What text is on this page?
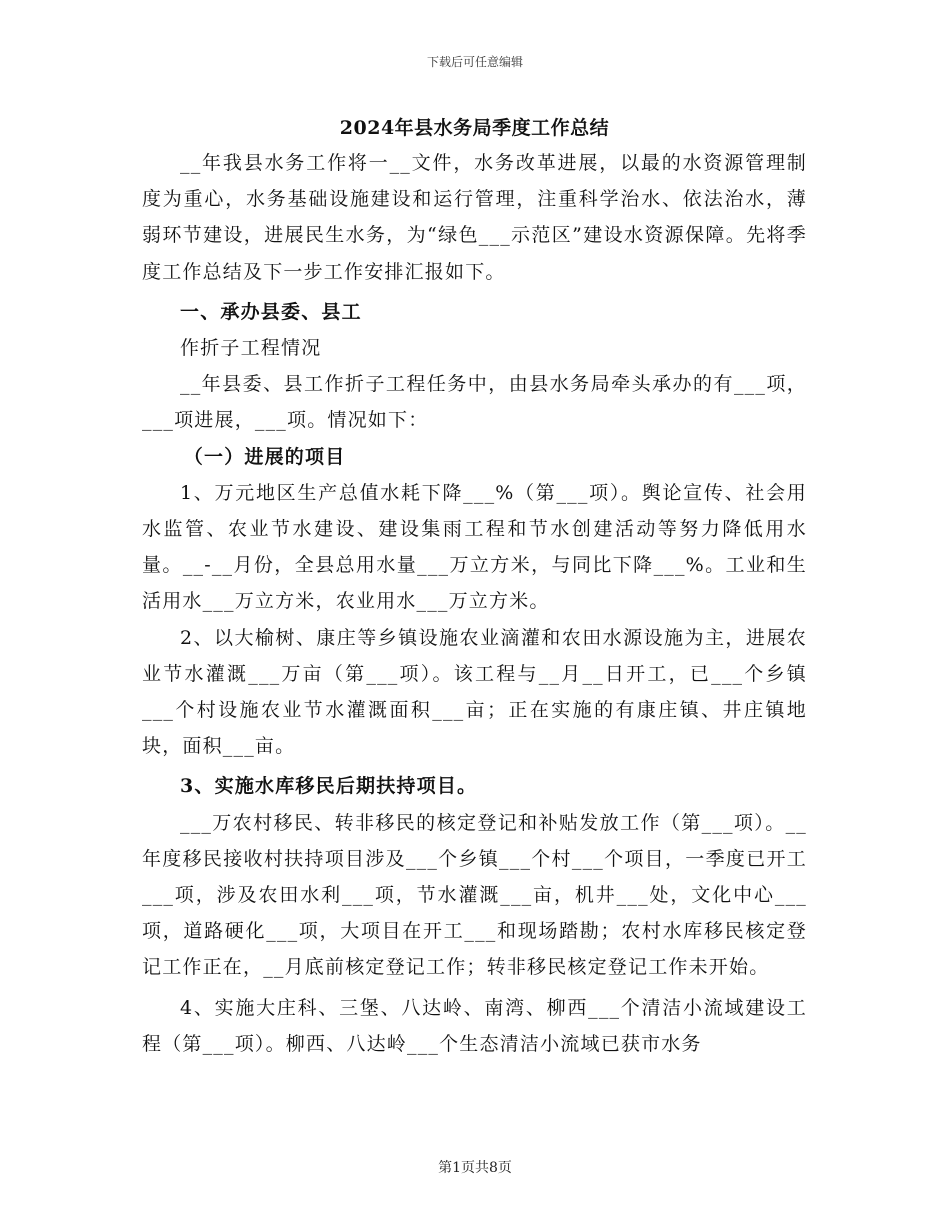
下载后可任意编辑
2024年县水务局季度工作总结

__年我县水务工作将一__文件，水务改革进展，以最的水资源管理制度为重心，水务基础设施建设和运行管理，注重科学治水、依法治水，薄弱环节建设，进展民生水务，为“绿色___示范区”建设水资源保障。先将季度工作总结及下一步工作安排汇报如下。

一、承办县委、县工

作折子工程情况

__年县委、县工作折子工程任务中，由县水务局牵头承办的有___项，___项进展，___项。情况如下：

（一）进展的项目

1、万元地区生产总值水耗下降___%（第___项）。舆论宣传、社会用水监管、农业节水建设、建设集雨工程和节水创建活动等努力降低用水量。__-__月份，全县总用水量___万立方米，与同比下降___%。工业和生活用水___万立方米，农业用水___万立方米。

2、以大榆树、康庄等乡镇设施农业滴灌和农田水源设施为主，进展农业节水灌溉___万亩（第___项）。该工程与__月__日开工，已___个乡镇___个村设施农业节水灌溉面积___亩；正在实施的有康庄镇、井庄镇地块，面积___亩。

3、实施水库移民后期扶持项目。

___万农村移民、转非移民的核定登记和补贴发放工作（第___项）。__年度移民接收村扶持项目涉及___个乡镇___个村___个项目，一季度已开工___项，涉及农田水利___项，节水灌溉___亩，机井___处，文化中心___项，道路硬化___项，大项目在开工___和现场踏勘；农村水库移民核定登记工作正在，__月底前核定登记工作；转非移民核定登记工作未开始。

4、实施大庄科、三堡、八达岭、南湾、柳西___个清洁小流域建设工程（第___项）。柳西、八达岭___个生态清洁小流域已获市水务

第1页共8页
